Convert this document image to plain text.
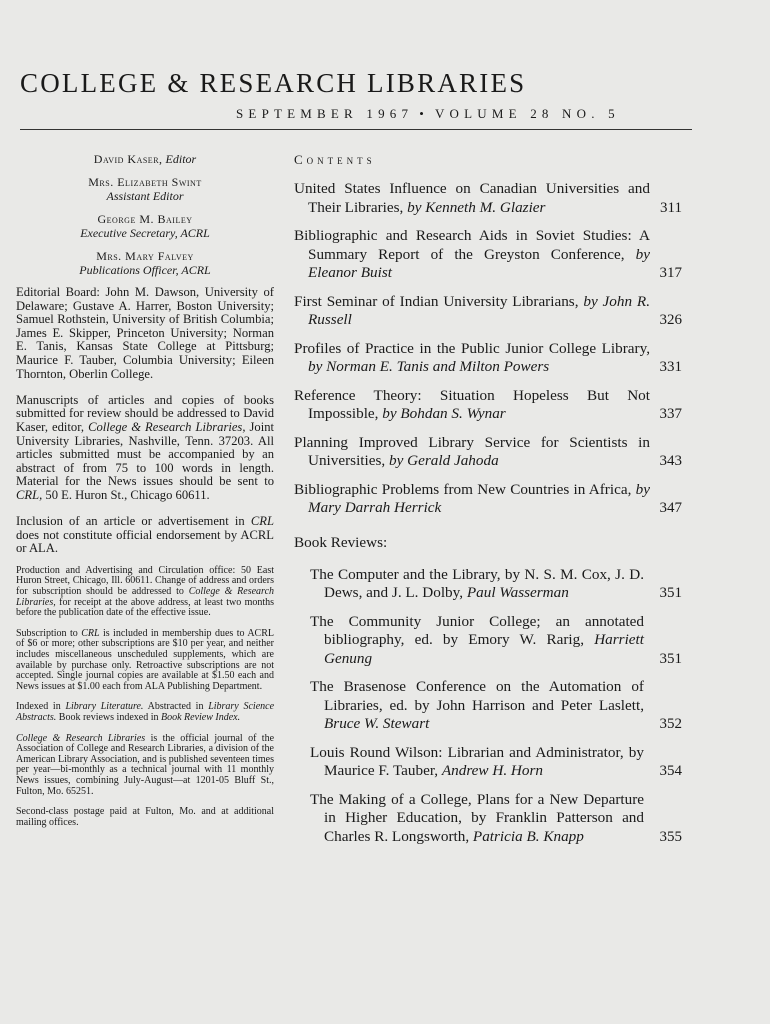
COLLEGE & RESEARCH LIBRARIES
SEPTEMBER 1967 • VOLUME 28 NO. 5
David Kaser, Editor
Mrs. Elizabeth Swint
Assistant Editor
George M. Bailey
Executive Secretary, ACRL
Mrs. Mary Falvey
Publications Officer, ACRL

Editorial Board: John M. Dawson, University of Delaware; Gustave A. Harrer, Boston University; Samuel Rothstein, University of British Columbia; James E. Skipper, Princeton University; Norman E. Tanis, Kansas State College at Pittsburg; Maurice F. Tauber, Columbia University; Eileen Thornton, Oberlin College.

Manuscripts of articles and copies of books submitted for review should be addressed to David Kaser, editor, College & Research Libraries, Joint University Libraries, Nashville, Tenn. 37203. All articles submitted must be accompanied by an abstract of from 75 to 100 words in length. Material for the News issues should be sent to CRL, 50 E. Huron St., Chicago 60611.

Inclusion of an article or advertisement in CRL does not constitute official endorsement by ACRL or ALA.

Production and Advertising and Circulation office: 50 East Huron Street, Chicago, Ill. 60611. Change of address and orders for subscription should be addressed to College & Research Libraries, for receipt at the above address, at least two months before the publication date of the effective issue.

Subscription to CRL is included in membership dues to ACRL of $6 or more; other subscriptions are $10 per year, and neither includes miscellaneous unscheduled supplements, which are available by purchase only. Retroactive subscriptions are not accepted. Single journal copies are available at $1.50 each and News issues at $1.00 each from ALA Publishing Department.

Indexed in Library Literature. Abstracted in Library Science Abstracts. Book reviews indexed in Book Review Index.

College & Research Libraries is the official journal of the Association of College and Research Libraries, a division of the American Library Association, and is published seventeen times per year—bi-monthly as a technical journal with 11 monthly News issues, combining July-August—at 1201-05 Bluff St., Fulton, Mo. 65251.

Second-class postage paid at Fulton, Mo. and at additional mailing offices.

Contents
United States Influence on Canadian Universities and Their Libraries, by Kenneth M. Glazier	311
Bibliographic and Research Aids in Soviet Studies: A Summary Report of the Greyston Conference, by Eleanor Buist	317
First Seminar of Indian University Librarians, by John R. Russell	326
Profiles of Practice in the Public Junior College Library, by Norman E. Tanis and Milton Powers	331
Reference Theory: Situation Hopeless But Not Impossible, by Bohdan S. Wynar	337
Planning Improved Library Service for Scientists in Universities, by Gerald Jahoda	343
Bibliographic Problems from New Countries in Africa, by Mary Darrah Herrick	347
Book Reviews:
The Computer and the Library, by N. S. M. Cox, J. D. Dews, and J. L. Dolby, Paul Wasserman	351
The Community Junior College; an annotated bibliography, ed. by Emory W. Rarig, Harriett Genung	351
The Brasenose Conference on the Automation of Libraries, ed. by John Harrison and Peter Laslett, Bruce W. Stewart	352
Louis Round Wilson: Librarian and Administrator, by Maurice F. Tauber, Andrew H. Horn	354
The Making of a College, Plans for a New Departure in Higher Education, by Franklin Patterson and Charles R. Longsworth, Patricia B. Knapp	355
